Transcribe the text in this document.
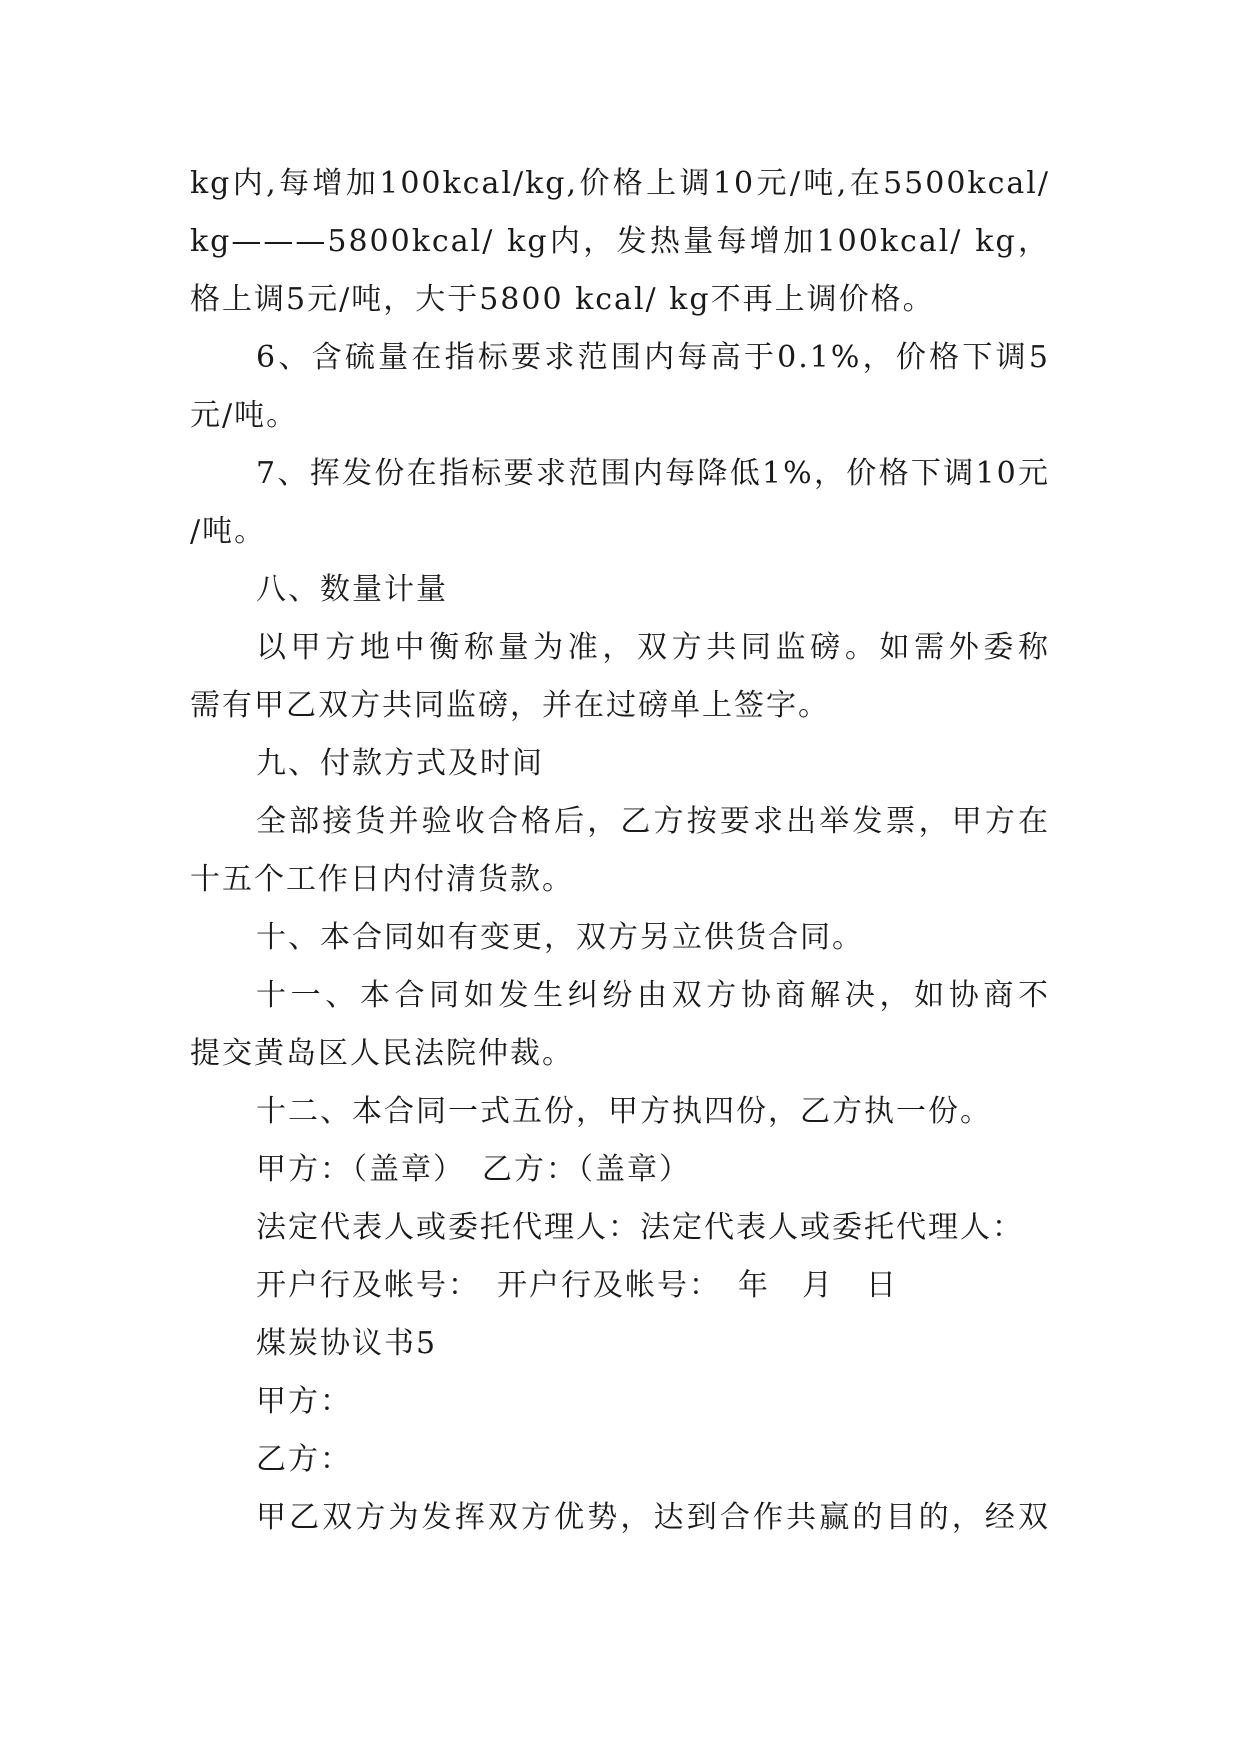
kg内,每增加100kcal/kg,价格上调10元/吨,在5500kcal/
kg———5800kcal/ kg内，发热量每增加100kcal/ kg，
格上调5元/吨，大于5800 kcal/ kg不再上调价格。
6、含硫量在指标要求范围内每高于0.1%，价格下调5
元/吨。
7、挥发份在指标要求范围内每降低1%，价格下调10元
/吨。
八、数量计量
以甲方地中衡称量为准，双方共同监磅。如需外委称
需有甲乙双方共同监磅，并在过磅单上签字。
九、付款方式及时间
全部接货并验收合格后，乙方按要求出举发票，甲方在
十五个工作日内付清货款。
十、本合同如有变更，双方另立供货合同。
十一、本合同如发生纠纷由双方协商解决，如协商不
提交黄岛区人民法院仲裁。
十二、本合同一式五份，甲方执四份，乙方执一份。
甲方：（盖章）　乙方：（盖章）
法定代表人或委托代理人：法定代表人或委托代理人：
开户行及帐号：　开户行及帐号：　年　月　日
煤炭协议书5
甲方：
乙方：
甲乙双方为发挥双方优势，达到合作共赢的目的，经双
